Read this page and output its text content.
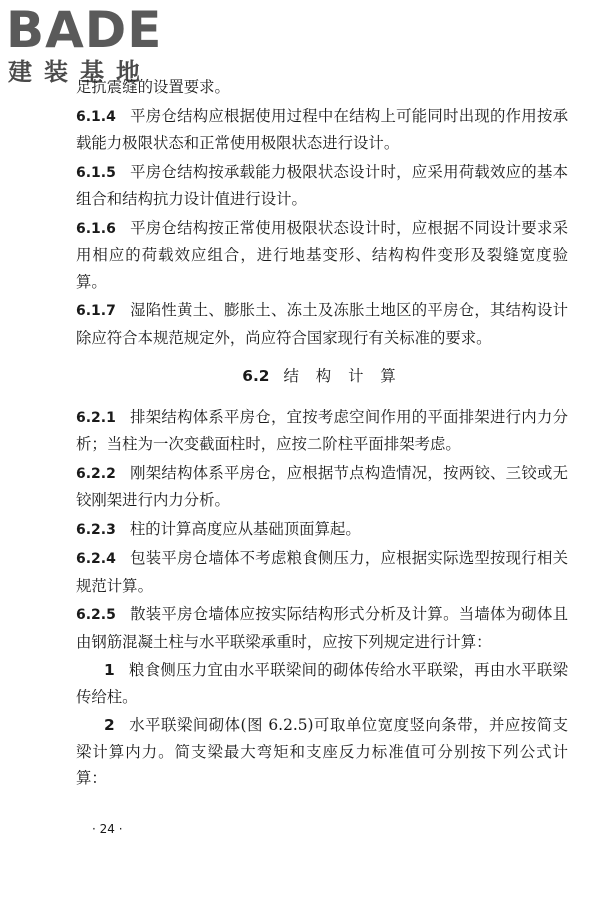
BADE
建装基地

足抗震缝的设置要求。

6.1.4 平房仓结构应根据使用过程中在结构上可能同时出现的作用按承载能力极限状态和正常使用极限状态进行设计。

6.1.5 平房仓结构按承载能力极限状态设计时，应采用荷载效应的基本组合和结构抗力设计值进行设计。

6.1.6 平房仓结构按正常使用极限状态设计时，应根据不同设计要求采用相应的荷载效应组合，进行地基变形、结构构件变形及裂缝宽度验算。

6.1.7 湿陷性黄土、膨胀土、冻土及冻胀土地区的平房仓，其结构设计除应符合本规范规定外，尚应符合国家现行有关标准的要求。

6.2 结 构 计 算

6.2.1 排架结构体系平房仓，宜按考虑空间作用的平面排架进行内力分析；当柱为一次变截面柱时，应按二阶柱平面排架考虑。

6.2.2 刚架结构体系平房仓，应根据节点构造情况，按两铰、三铰或无铰刚架进行内力分析。

6.2.3 柱的计算高度应从基础顶面算起。

6.2.4 包装平房仓墙体不考虑粮食侧压力，应根据实际选型按现行相关规范计算。

6.2.5 散装平房仓墙体应按实际结构形式分析及计算。当墙体为砌体且由钢筋混凝土柱与水平联梁承重时，应按下列规定进行计算：

1 粮食侧压力宜由水平联梁间的砌体传给水平联梁，再由水平联梁传给柱。

2 水平联梁间砌体(图 6.2.5)可取单位宽度竖向条带，并应按简支梁计算内力。简支梁最大弯矩和支座反力标准值可分别按下列公式计算：

· 24 ·
